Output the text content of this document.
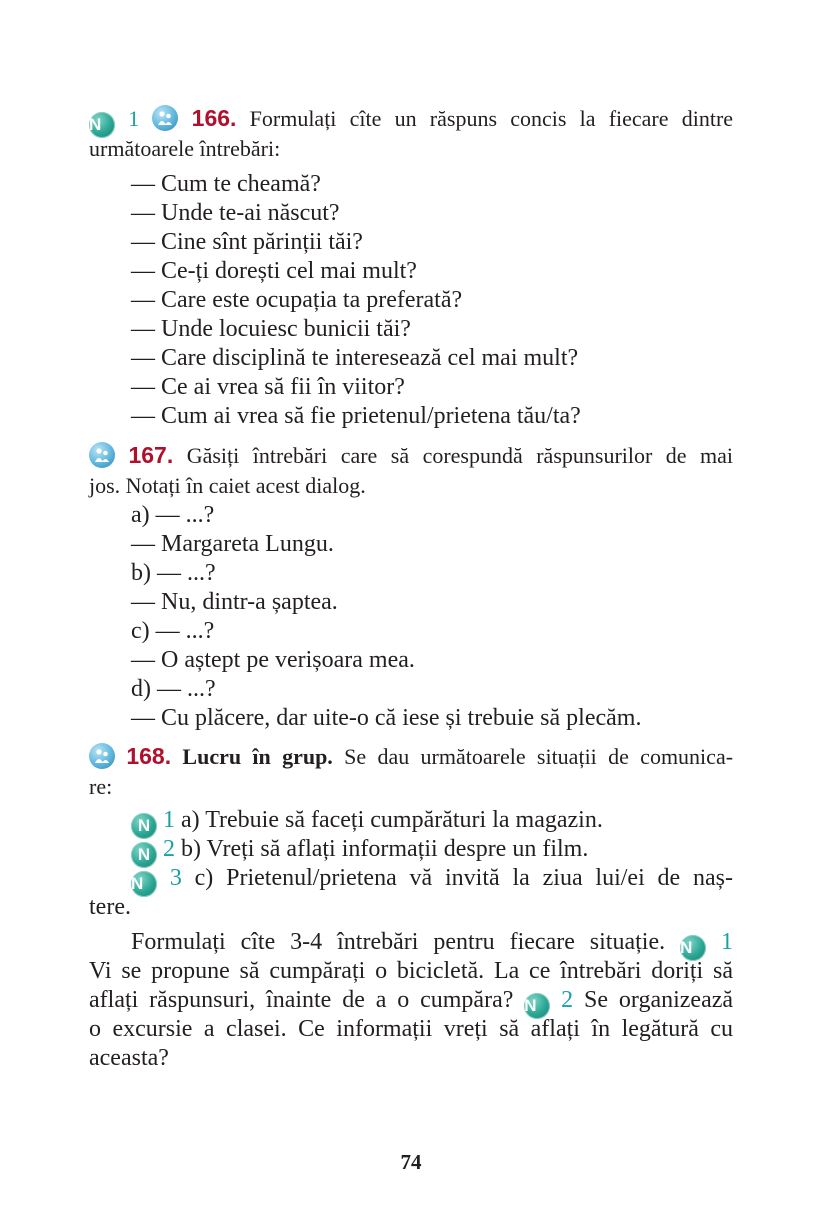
N 1 166. Formulați cîte un răspuns concis la fiecare dintre
următoarele întrebări:
— Cum te cheamă?
— Unde te-ai născut?
— Cine sînt părinții tăi?
— Ce-ți dorești cel mai mult?
— Care este ocupația ta preferată?
— Unde locuiesc bunicii tăi?
— Care disciplină te interesează cel mai mult?
— Ce ai vrea să fii în viitor?
— Cum ai vrea să fie prietenul/prietena tău/ta?
167. Găsiți întrebări care să corespundă răspunsurilor de mai
jos. Notați în caiet acest dialog.
a) — ...?
— Margareta Lungu.
b) — ...?
— Nu, dintr-a șaptea.
c) — ...?
— O aștept pe verișoara mea.
d) — ...?
— Cu plăcere, dar uite-o că iese și trebuie să plecăm.
168. Lucru în grup. Se dau următoarele situații de comunica-
re:
N 1 a) Trebuie să faceți cumpărături la magazin.
N 2 b) Vreți să aflați informații despre un film.
N 3 c) Prietenul/prietena vă invită la ziua lui/ei de naș-
tere.
Formulați cîte 3-4 întrebări pentru fiecare situație. N 1
Vi se propune să cumpărați o bicicletă. La ce întrebări doriți să
aflați răspunsuri, înainte de a o cumpăra? N 2 Se organizează
o excursie a clasei. Ce informații vreți să aflați în legătură cu
aceasta?
74
